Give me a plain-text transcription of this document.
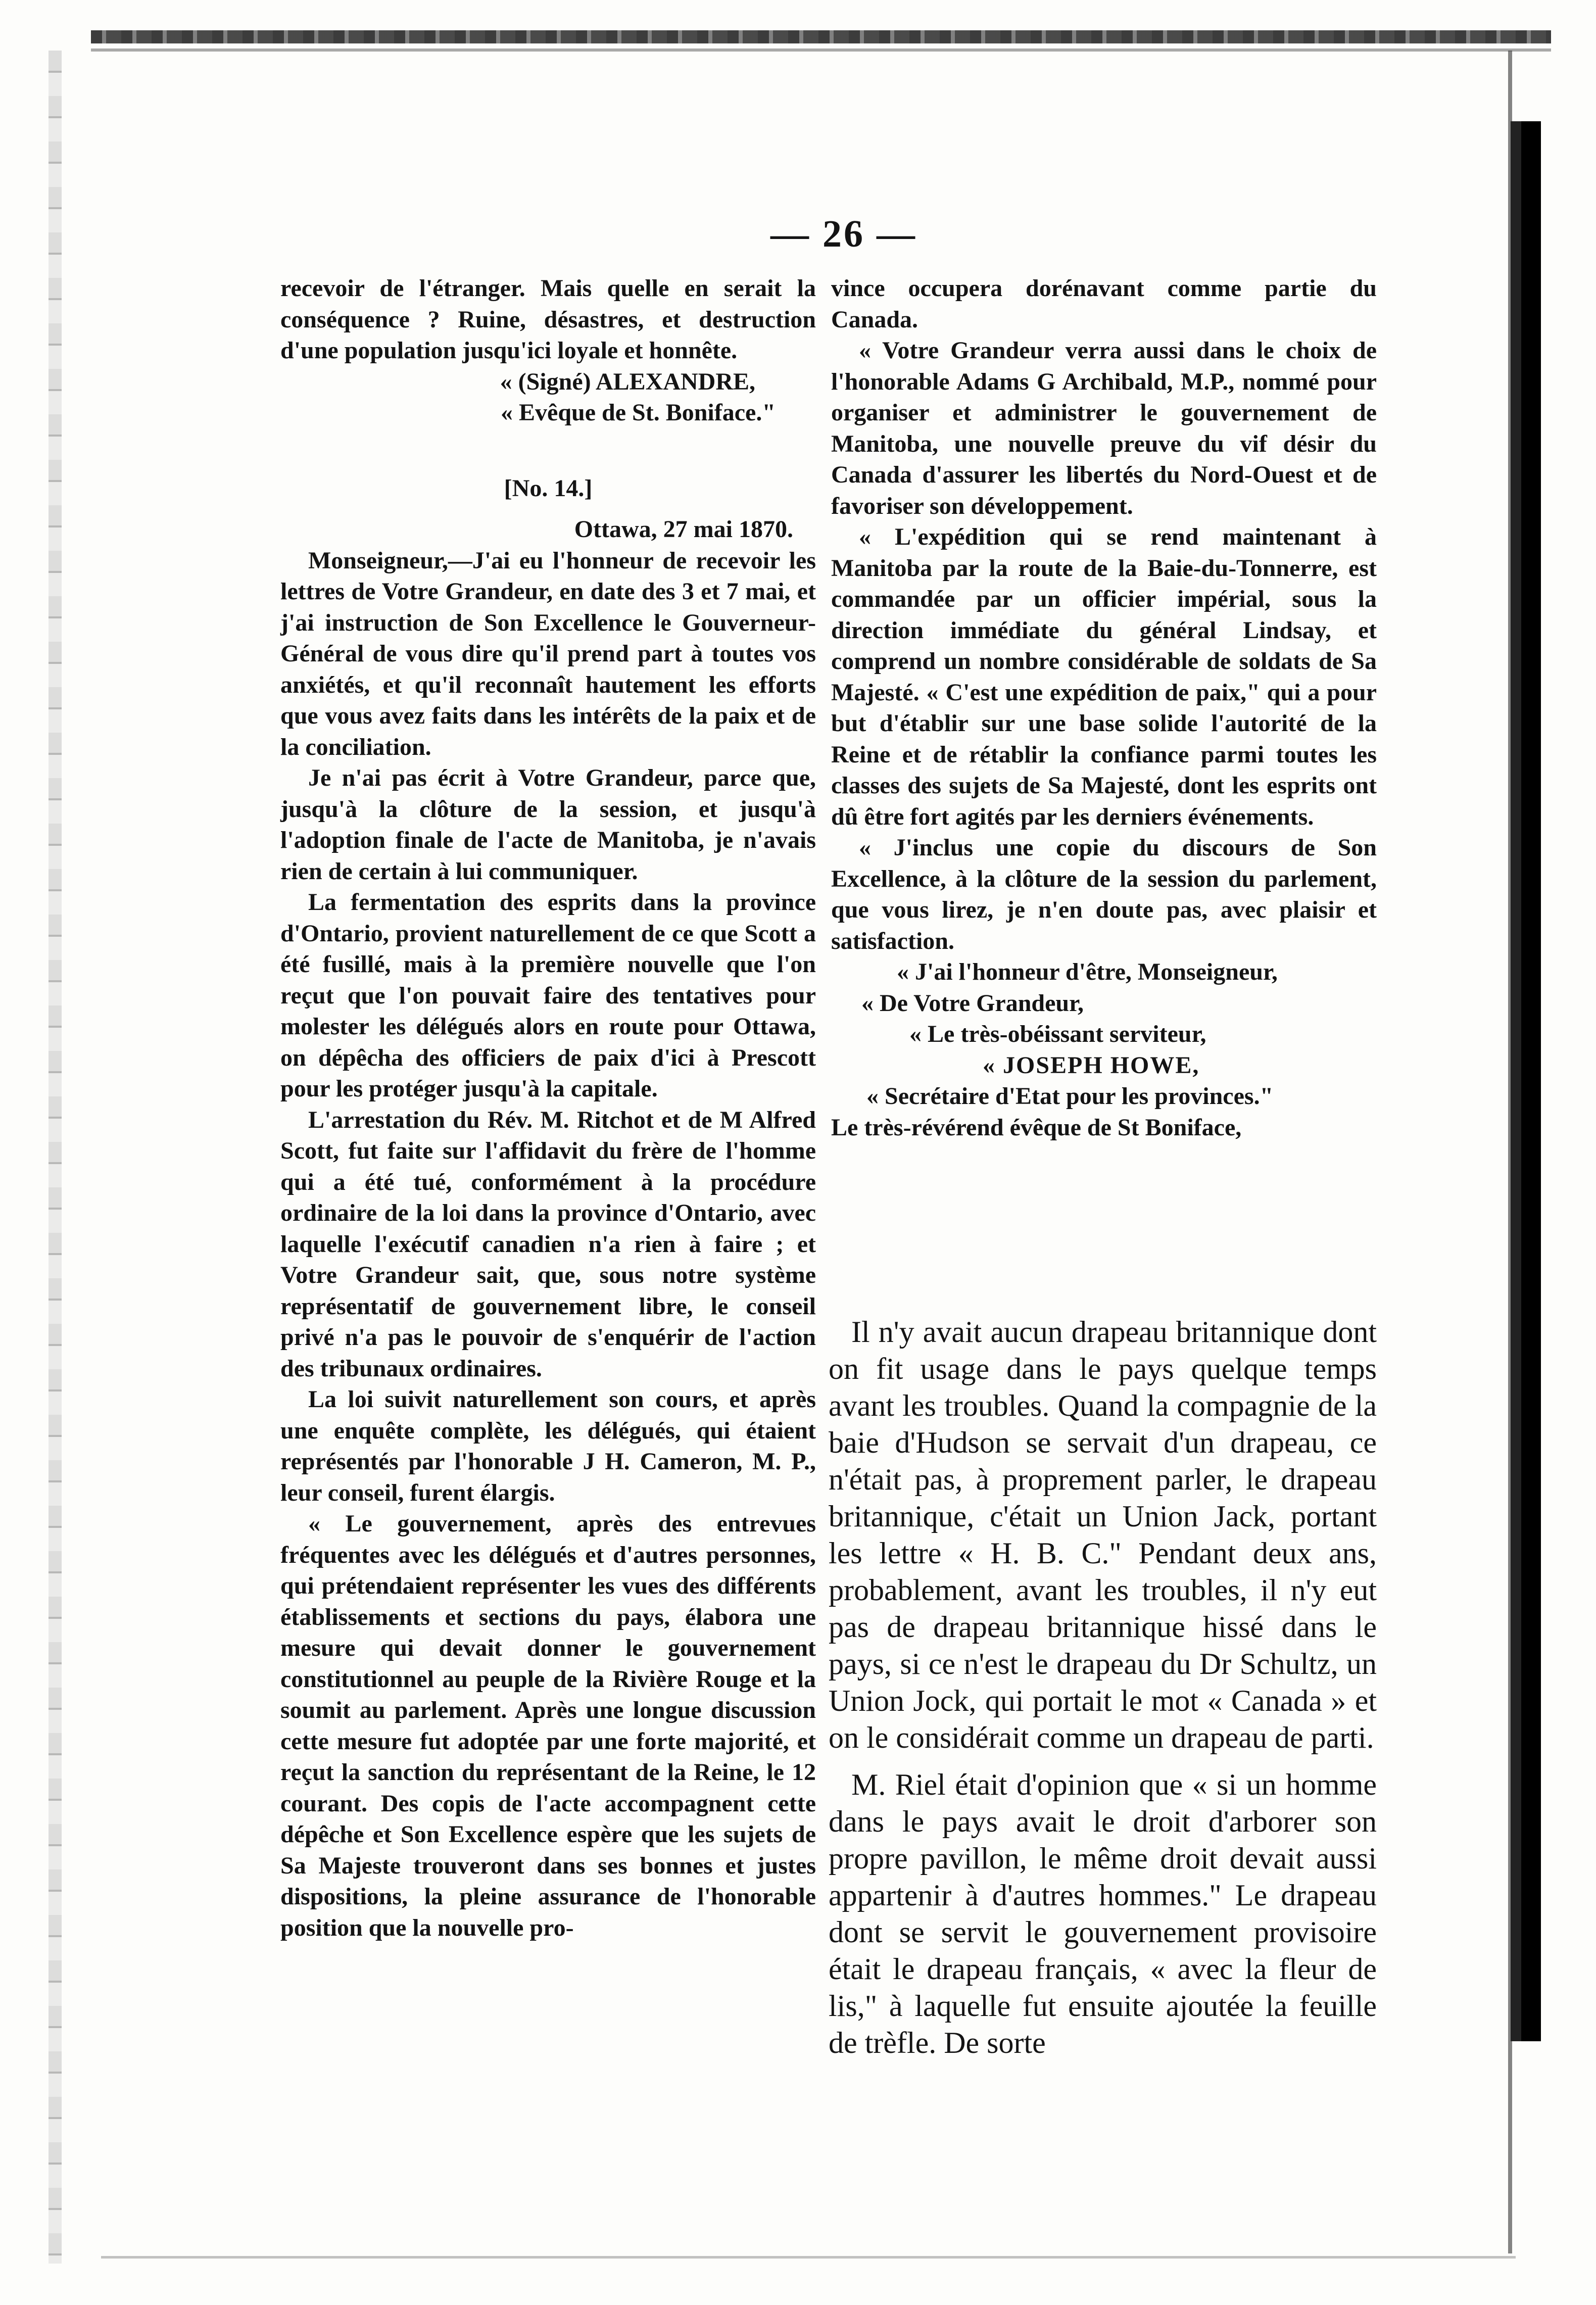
— 26 —

recevoir de l'étranger. Mais quelle en serait la conséquence ? Ruine, désastres, et destruction d'une population jusqu'ici loyale et honnête.

« (Signé) ALEXANDRE,

« Evêque de St. Boniface."

[No. 14.]

Ottawa, 27 mai 1870.

Monseigneur,—J'ai eu l'honneur de recevoir les lettres de Votre Grandeur, en date des 3 et 7 mai, et j'ai instruction de Son Excellence le Gouverneur-Général de vous dire qu'il prend part à toutes vos anxiétés, et qu'il reconnaît hautement les efforts que vous avez faits dans les intérêts de la paix et de la conciliation.

Je n'ai pas écrit à Votre Grandeur, parce que, jusqu'à la clôture de la session, et jusqu'à l'adoption finale de l'acte de Manitoba, je n'avais rien de certain à lui communiquer.

La fermentation des esprits dans la province d'Ontario, provient naturellement de ce que Scott a été fusillé, mais à la première nouvelle que l'on reçut que l'on pouvait faire des tentatives pour molester les délégués alors en route pour Ottawa, on dépêcha des officiers de paix d'ici à Prescott pour les protéger jusqu'à la capitale.

L'arrestation du Rév. M. Ritchot et de M Alfred Scott, fut faite sur l'affidavit du frère de l'homme qui a été tué, conformément à la procédure ordinaire de la loi dans la province d'Ontario, avec laquelle l'exécutif canadien n'a rien à faire ; et Votre Grandeur sait, que, sous notre système représentatif de gouvernement libre, le conseil privé n'a pas le pouvoir de s'enquérir de l'action des tribunaux ordinaires.

La loi suivit naturellement son cours, et après une enquête complète, les délégués, qui étaient représentés par l'honorable J H. Cameron, M. P., leur conseil, furent élargis.

« Le gouvernement, après des entrevues fréquentes avec les délégués et d'autres personnes, qui prétendaient représenter les vues des différents établissements et sections du pays, élabora une mesure qui devait donner le gouvernement constitutionnel au peuple de la Rivière Rouge et la soumit au parlement. Après une longue discussion cette mesure fut adoptée par une forte majorité, et reçut la sanction du représentant de la Reine, le 12 courant. Des copis de l'acte accompagnent cette dépêche et Son Excellence espère que les sujets de Sa Majeste trouveront dans ses bonnes et justes dispositions, la pleine assurance de l'honorable position que la nouvelle pro-

vince occupera dorénavant comme partie du Canada.

« Votre Grandeur verra aussi dans le choix de l'honorable Adams G Archibald, M.P., nommé pour organiser et administrer le gouvernement de Manitoba, une nouvelle preuve du vif désir du Canada d'assurer les libertés du Nord-Ouest et de favoriser son développement.

« L'expédition qui se rend maintenant à Manitoba par la route de la Baie-du-Tonnerre, est commandée par un officier impérial, sous la direction immédiate du général Lindsay, et comprend un nombre considérable de soldats de Sa Majesté. « C'est une expédition de paix," qui a pour but d'établir sur une base solide l'autorité de la Reine et de rétablir la confiance parmi toutes les classes des sujets de Sa Majesté, dont les esprits ont dû être fort agités par les derniers événements.

« J'inclus une copie du discours de Son Excellence, à la clôture de la session du parlement, que vous lirez, je n'en doute pas, avec plaisir et satisfaction.

« J'ai l'honneur d'être, Monseigneur,

« De Votre Grandeur,

« Le très-obéissant serviteur,

« JOSEPH HOWE,

« Secrétaire d'Etat pour les provinces."

Le très-révérend évêque de St Boniface,

Il n'y avait aucun drapeau britannique dont on fit usage dans le pays quelque temps avant les troubles. Quand la compagnie de la baie d'Hudson se servait d'un drapeau, ce n'était pas, à proprement parler, le drapeau britannique, c'était un Union Jack, portant les lettre « H. B. C." Pendant deux ans, probablement, avant les troubles, il n'y eut pas de drapeau britannique hissé dans le pays, si ce n'est le drapeau du Dr Schultz, un Union Jock, qui portait le mot « Canada » et on le considérait comme un drapeau de parti.

M. Riel était d'opinion que « si un homme dans le pays avait le droit d'arborer son propre pavillon, le même droit devait aussi appartenir à d'autres hommes." Le drapeau dont se servit le gouvernement provisoire était le drapeau français, « avec la fleur de lis," à laquelle fut ensuite ajoutée la feuille de trèfle. De sorte
